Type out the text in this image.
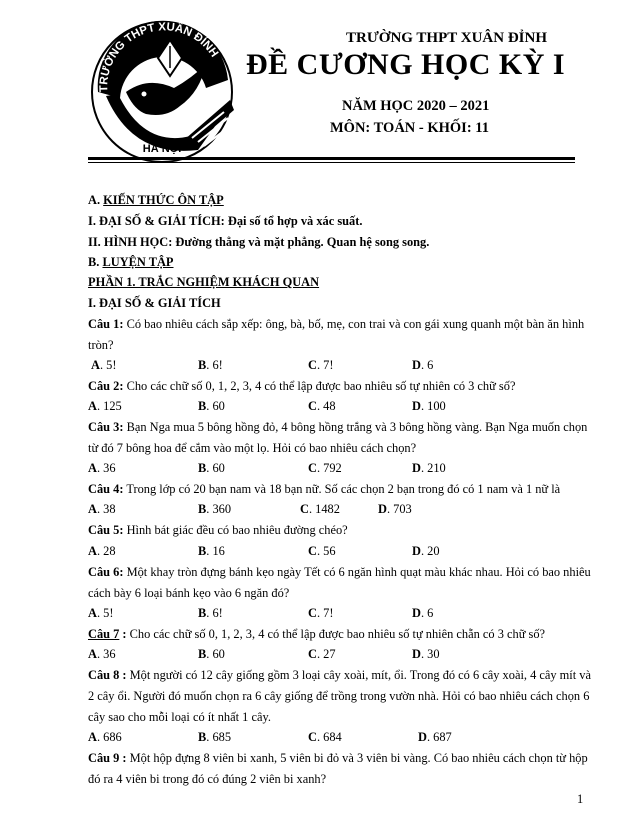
TRƯỜNG THPT XUÂN ĐỈNH
HÀ NỘI
TRƯỜNG THPT XUÂN ĐỈNH
ĐỀ CƯƠNG HỌC KỲ I
NĂM HỌC 2020 – 2021
MÔN: TOÁN - KHỐI: 11
A. KIẾN THỨC ÔN TẬP
I. ĐẠI SỐ & GIẢI TÍCH: Đại số tổ hợp và xác suất.
II. HÌNH HỌC: Đường thẳng và mặt phẳng. Quan hệ song song.
B. LUYỆN TẬP
PHẦN 1. TRẮC NGHIỆM KHÁCH QUAN
I. ĐẠI SỐ & GIẢI TÍCH
Câu 1: Có bao nhiêu cách sắp xếp: ông, bà, bố, mẹ, con trai và con gái xung quanh một bàn ăn hình
tròn?
A. 5!	B. 6!	C. 7!	D. 6
Câu 2: Cho các chữ số 0, 1, 2, 3, 4 có thể lập được bao nhiêu số tự nhiên có 3 chữ số?
A. 125	B. 60	C. 48	D. 100
Câu 3: Bạn Nga mua 5 bông hồng đỏ, 4 bông hồng trắng và 3 bông hồng vàng. Bạn Nga muốn chọn
từ đó 7 bông hoa để cắm vào một lọ. Hỏi có bao nhiêu cách chọn?
A. 36	B. 60	C. 792	D. 210
Câu 4: Trong lớp có 20 bạn nam và 18 bạn nữ. Số các chọn 2 bạn trong đó có 1 nam và 1 nữ là
A. 38	B. 360	C. 1482	D. 703
Câu 5: Hình bát giác đều có bao nhiêu đường chéo?
A. 28	B. 16	C. 56	D. 20
Câu 6: Một khay tròn đựng bánh kẹo ngày Tết có 6 ngăn hình quạt màu khác nhau. Hỏi có bao nhiêu
cách bày 6 loại bánh kẹo vào 6 ngăn đó?
A. 5!	B. 6!	C. 7!	D. 6
Câu 7 : Cho các chữ số 0, 1, 2, 3, 4 có thể lập được bao nhiêu số tự nhiên chẵn có 3 chữ số?
A. 36	B. 60	C. 27	D. 30
Câu 8 : Một người có 12 cây giống gồm 3 loại cây xoài, mít, ổi. Trong đó có 6 cây xoài, 4 cây mít và
2 cây ổi. Người đó muốn chọn ra 6 cây giống để trồng trong vườn nhà. Hỏi có bao nhiêu cách chọn 6
cây sao cho mỗi loại có ít nhất 1 cây.
A. 686	B. 685	C. 684	D. 687
Câu 9 : Một hộp đựng 8 viên bi xanh, 5 viên bi đỏ và 3 viên bi vàng. Có bao nhiêu cách chọn từ hộp
đó ra 4 viên bi trong đó có đúng 2 viên bi xanh?
1
